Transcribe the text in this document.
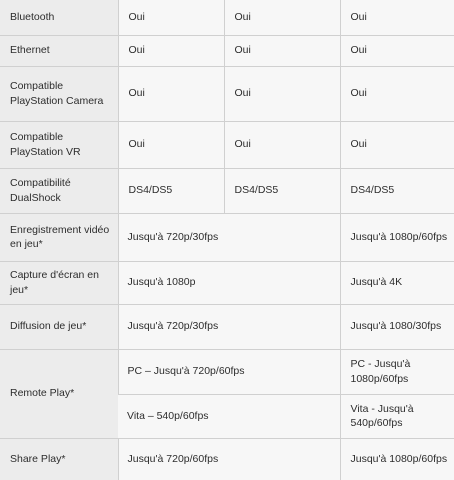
Bluetooth	Oui	Oui	Oui
Ethernet	Oui	Oui	Oui
Compatible PlayStation Camera	Oui	Oui	Oui
Compatible PlayStation VR	Oui	Oui	Oui
Compatibilité DualShock	DS4/DS5	DS4/DS5	DS4/DS5
Enregistrement vidéo en jeu*	Jusqu'à 720p/30fps		Jusqu'à 1080p/60fps
Capture d'écran en jeu*	Jusqu'à 1080p		Jusqu'à 4K
Diffusion de jeu*	Jusqu'à 720p/30fps		Jusqu'à 1080/30fps
Remote Play*	PC – Jusqu'à 720p/60fps		PC - Jusqu'à 1080p/60fps
	Vita – 540p/60fps		Vita - Jusqu'à 540p/60fps
Share Play*	Jusqu'à 720p/60fps		Jusqu'à 1080p/60fps
